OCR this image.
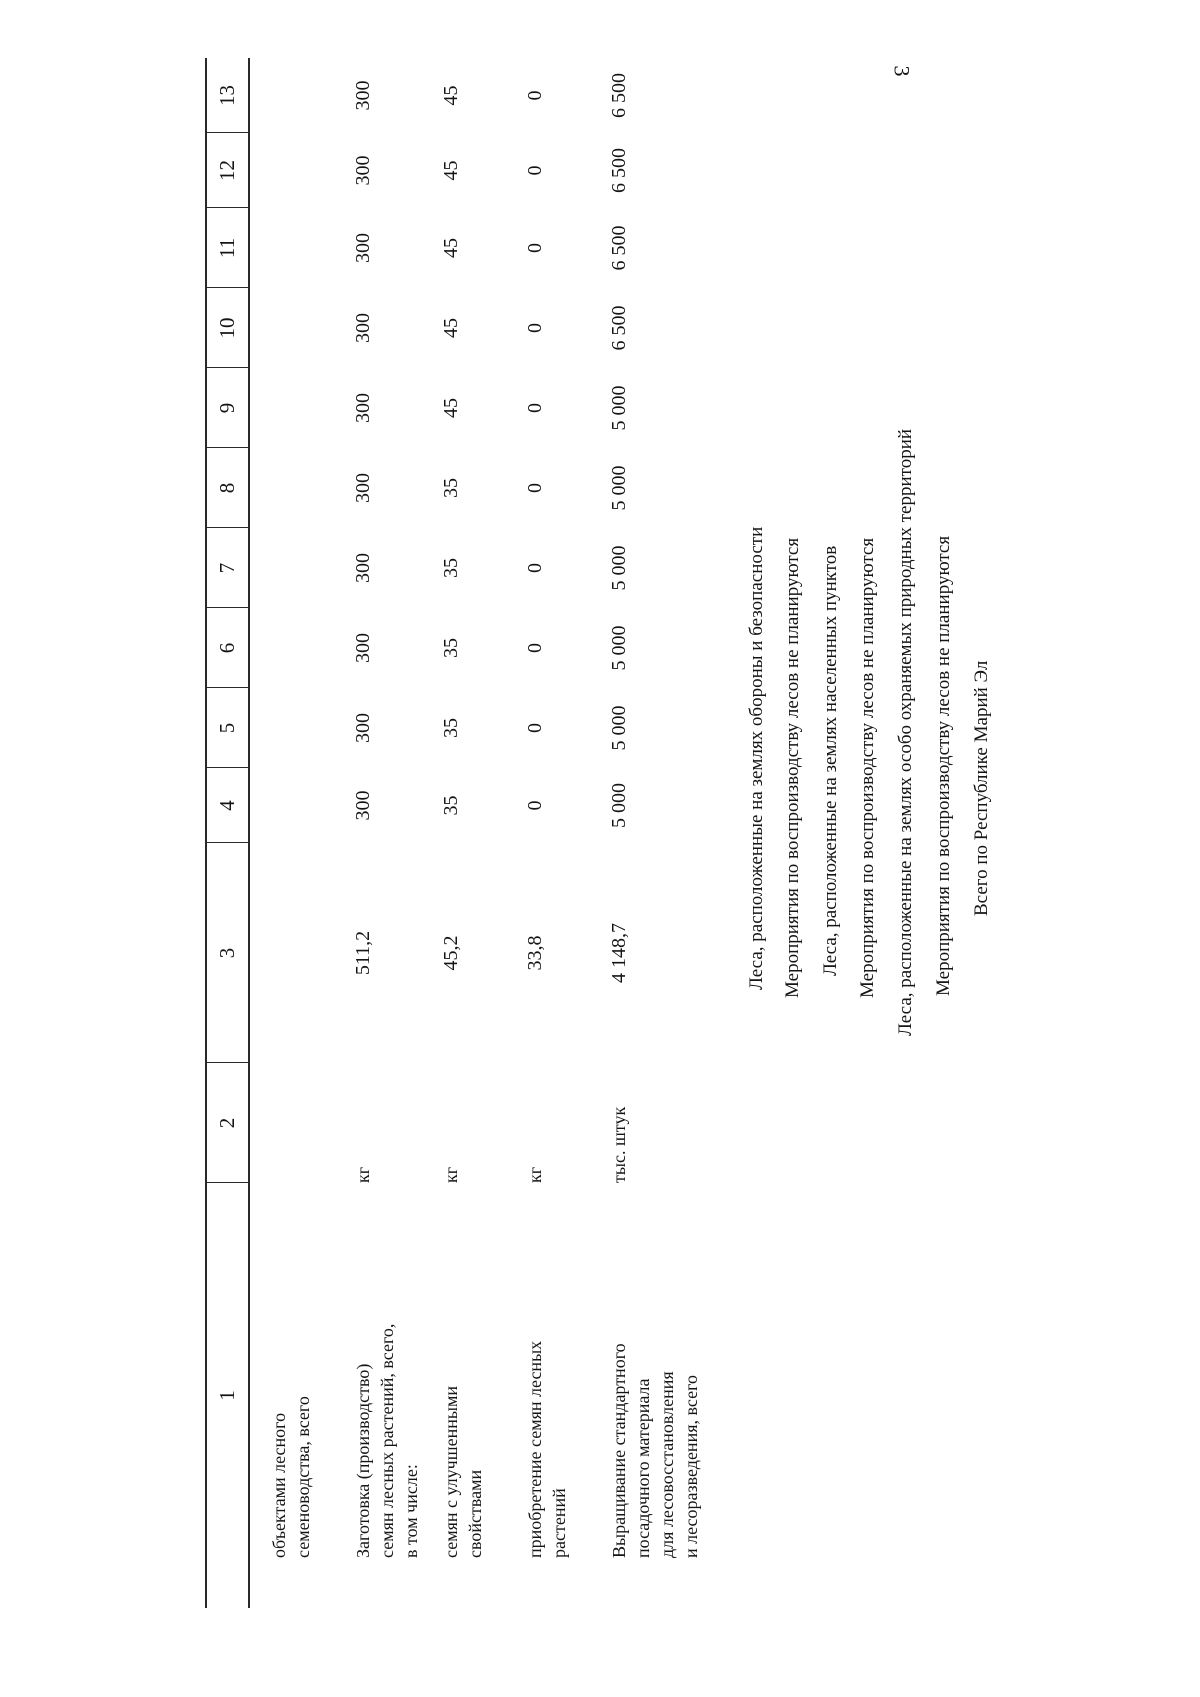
3
1
2
3
4
5
6
7
8
9
10
11
12
13
объектами лесного семеноводства, всего Заготовка (производство) семян лесных растений, всего, в том числе:
кг
511,2
300
300
300
300
300
300
300
300
300
300
семян с улучшенными свойствами
кг
45,2
35
35
35
35
35
45
45
45
45
45
приобретение семян лесных растений
кг
33,8
0
0
0
0
0
0
0
0
0
0
Выращивание стандартного посадочного материала для лесовосстановления и лесоразведения, всего
тыс. штук
4 148,7
5 000
5 000
5 000
5 000
5 000
5 000
6 500
6 500
6 500
6 500
Леса, расположенные на землях обороны и безопасности Мероприятия по воспроизводству лесов не планируются Леса, расположенные на землях населенных пунктов Мероприятия по воспроизводству лесов не планируются Леса, расположенные на землях особо охраняемых природных территорий Мероприятия по воспроизводству лесов не планируются Всего по Республике Марий Эл
